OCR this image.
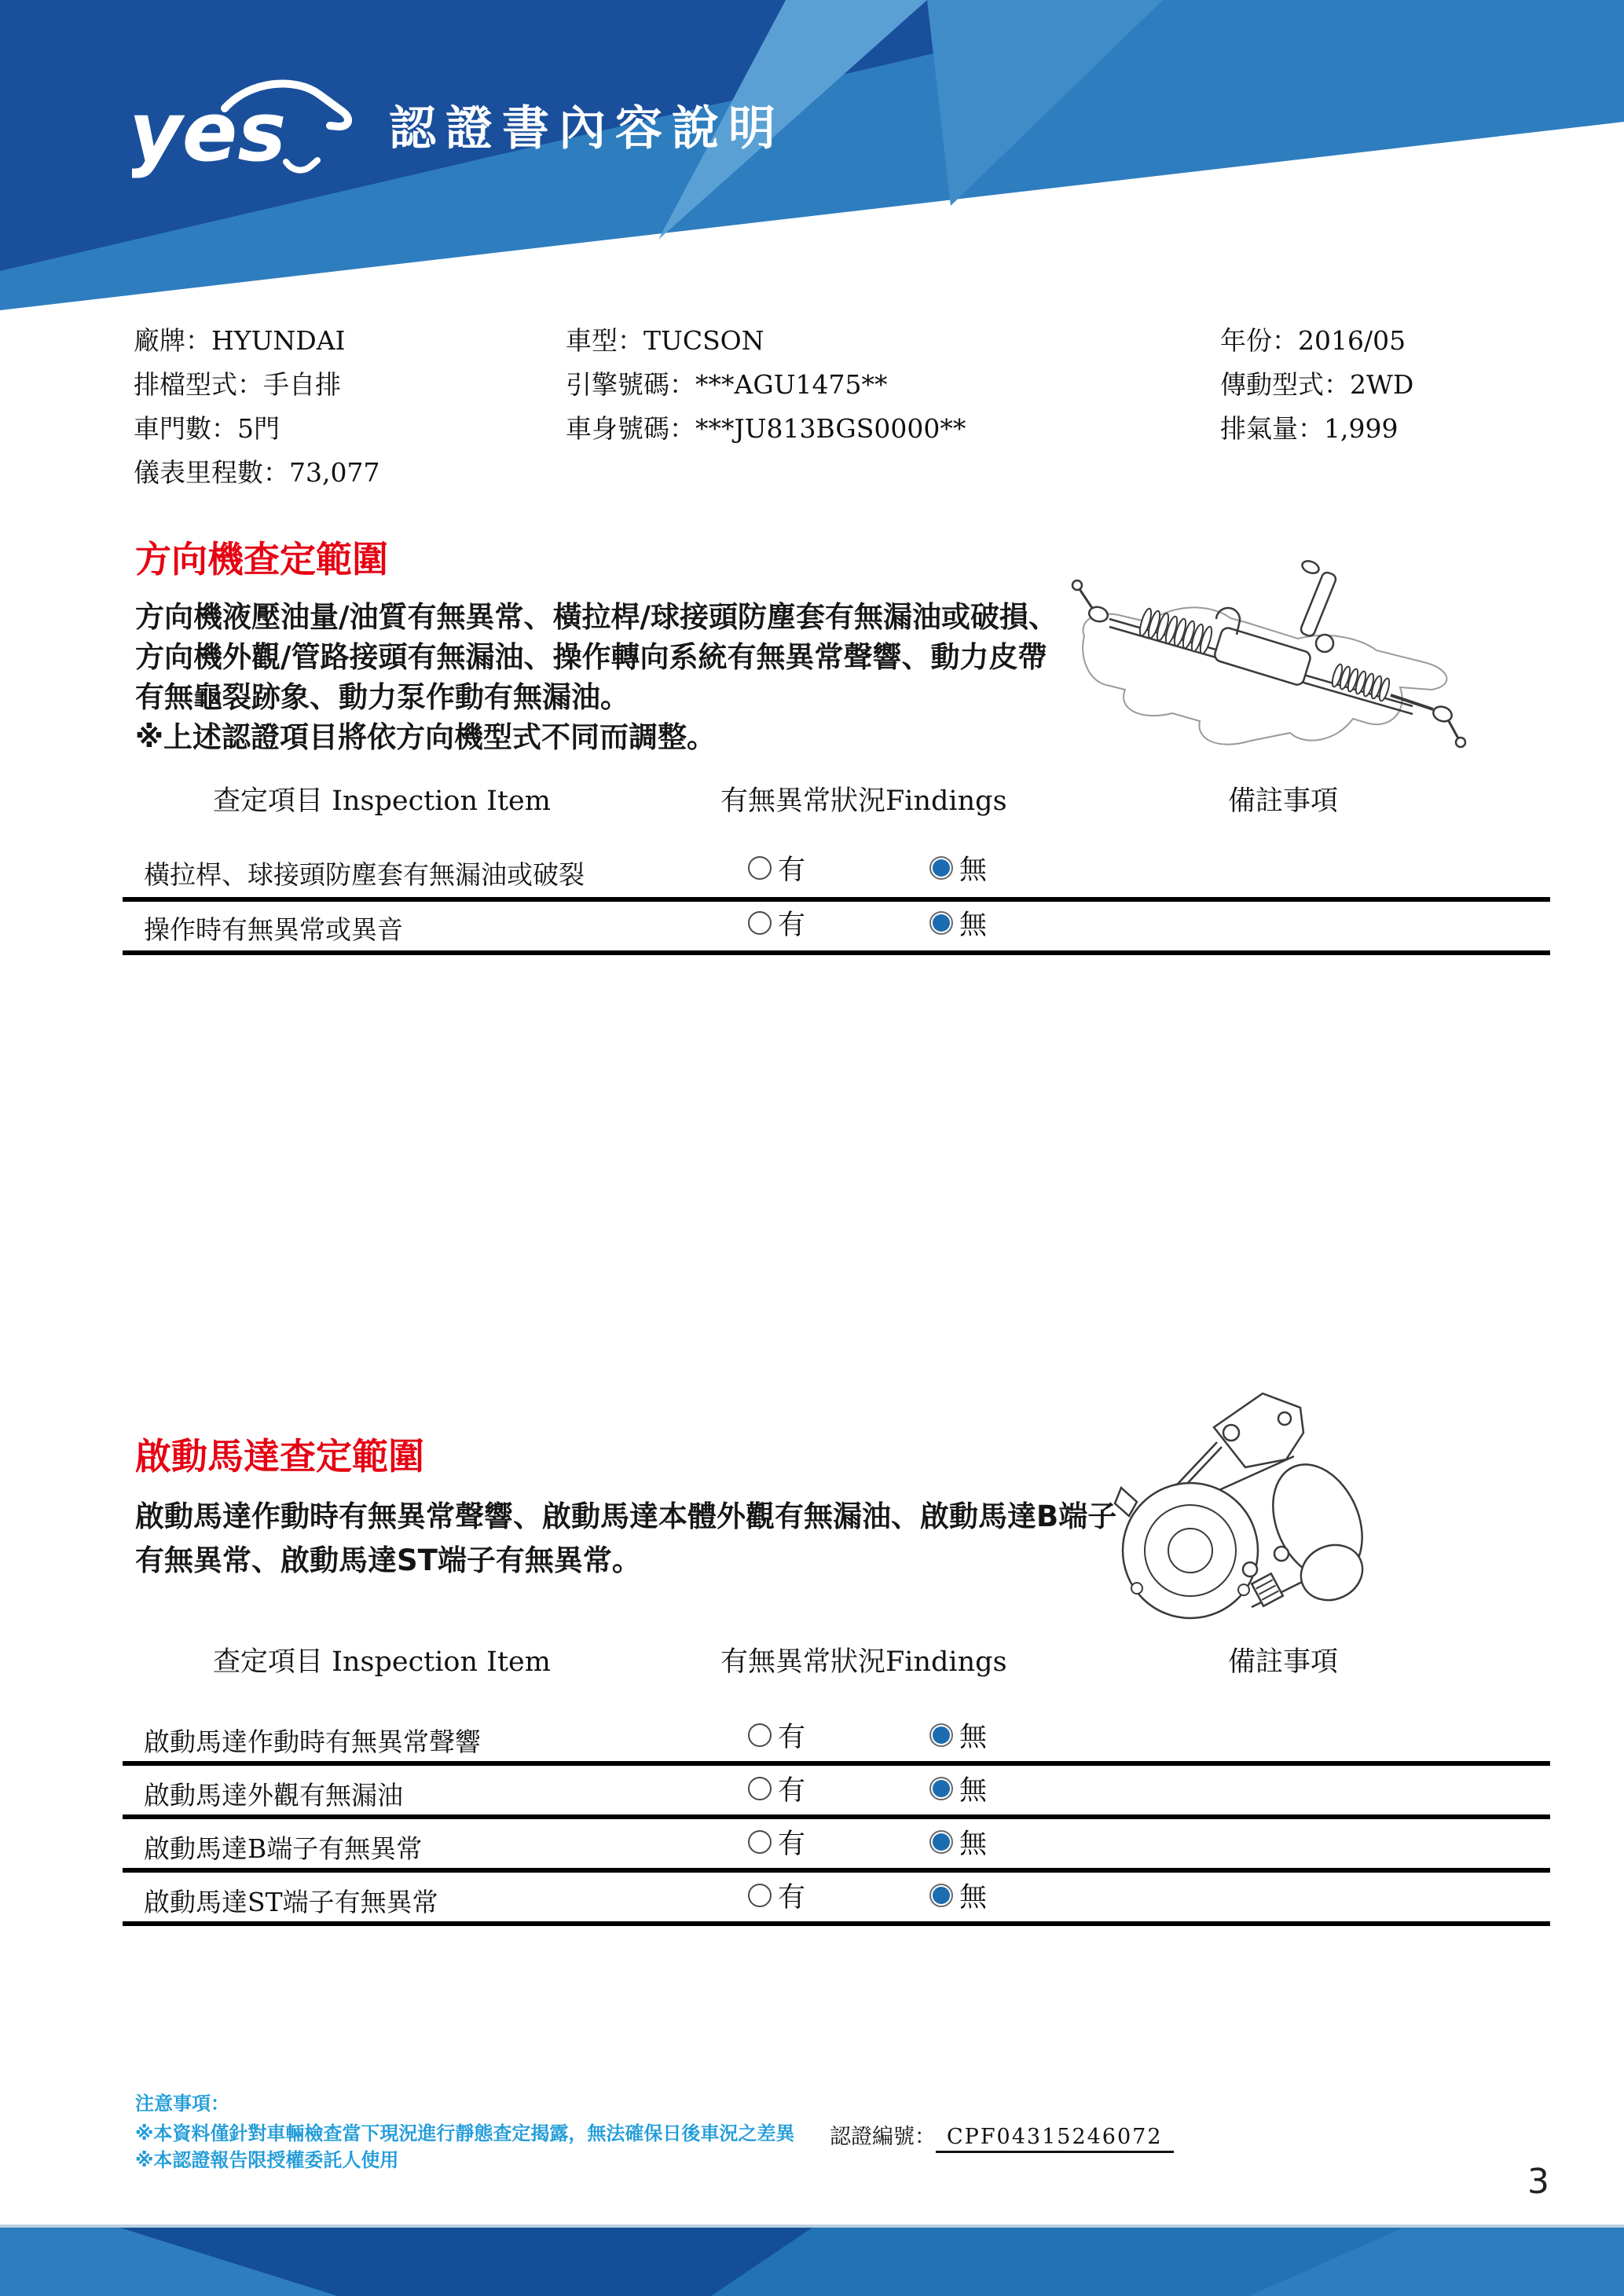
yes 認證書內容說明
廠牌：HYUNDAI
排檔型式：手自排
車門數：5門
儀表里程數：73,077
車型：TUCSON
引擎號碼：***AGU1475**
車身號碼：***JU813BGS0000**
年份：2016/05
傳動型式：2WD
排氣量：1,999
方向機查定範圍
方向機液壓油量/油質有無異常、橫拉桿/球接頭防塵套有無漏油或破損、
方向機外觀/管路接頭有無漏油、操作轉向系統有無異常聲響、動力皮帶
有無龜裂跡象、動力泵作動有無漏油。
※上述認證項目將依方向機型式不同而調整。
查定項目 Inspection Item	有無異常狀況Findings	備註事項
橫拉桿、球接頭防塵套有無漏油或破裂	有	無
操作時有無異常或異音	有	無
啟動馬達查定範圍
啟動馬達作動時有無異常聲響、啟動馬達本體外觀有無漏油、啟動馬達B端子
有無異常、啟動馬達ST端子有無異常。
查定項目 Inspection Item	有無異常狀況Findings	備註事項
啟動馬達作動時有無異常聲響	有	無
啟動馬達外觀有無漏油	有	無
啟動馬達B端子有無異常	有	無
啟動馬達ST端子有無異常	有	無
注意事項：
※本資料僅針對車輛檢查當下現況進行靜態查定揭露，無法確保日後車況之差異
※本認證報告限授權委託人使用
認證編號： CPF04315246072
3
